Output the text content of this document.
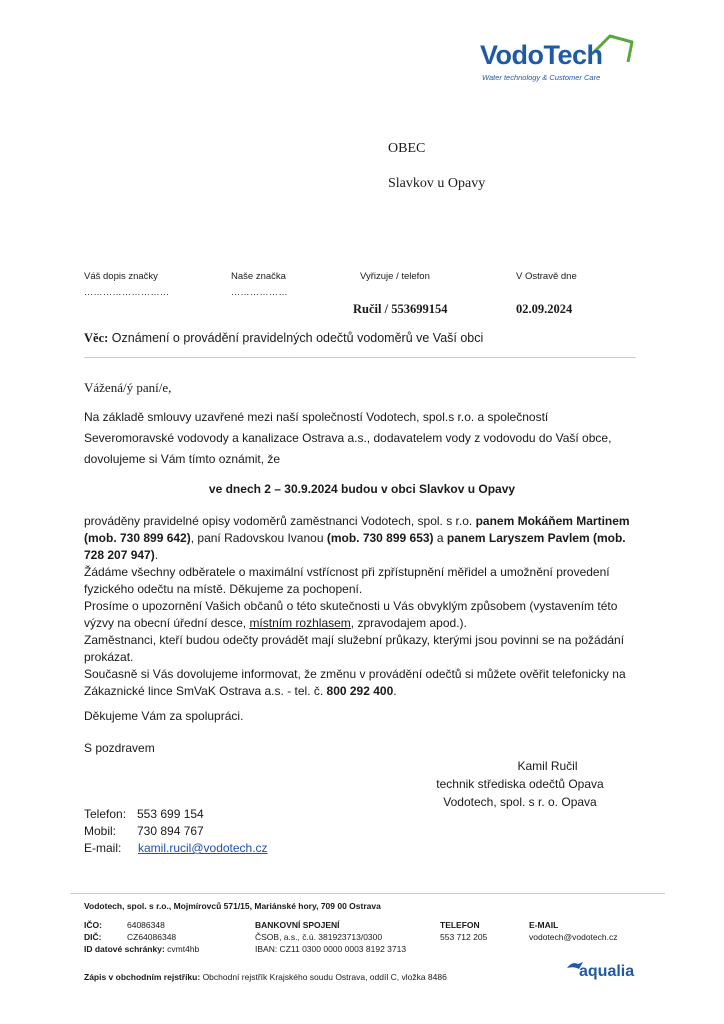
VodoTech
Water technology & Customer Care
OBEC
Slavkov u Opavy
Váš dopis značky
………………………
Naše značka
………………
Vyřizuje / telefon
Ručil / 553699154
V Ostravě dne
02.09.2024
Věc: Oznámení o provádění pravidelných odečtů vodoměrů ve Vaší obci
Vážená/ý paní/e,
Na základě smlouvy uzavřené mezi naší společností Vodotech, spol.s r.o. a společností
Severomoravské vodovody a kanalizace Ostrava a.s., dodavatelem vody z vodovodu do Vaší obce,
dovolujeme si Vám tímto oznámit, že
ve dnech 2 – 30.9.2024 budou v obci Slavkov u Opavy
prováděny pravidelné opisy vodoměrů zaměstnanci Vodotech, spol. s r.o. panem Mokáňem Martinem
(mob. 730 899 642), paní Radovskou Ivanou (mob. 730 899 653) a panem Laryszem Pavlem (mob.
728 207 947).
Žádáme všechny odběratele o maximální vstřícnost při zpřístupnění měřidel a umožnění provedení
fyzického odečtu na místě. Děkujeme za pochopení.
Prosíme o upozornění Vašich občanů o této skutečnosti u Vás obvyklým způsobem (vystavením této
výzvy na obecní úřední desce, místním rozhlasem, zpravodajem apod.).
Zaměstnanci, kteří budou odečty provádět mají služební průkazy, kterými jsou povinni se na požádání
prokázat.
Současně si Vás dovolujeme informovat, že změnu v provádění odečtů si můžete ověřit telefonicky na
Zákaznické lince SmVaK Ostrava a.s. - tel. č. 800 292 400.
Děkujeme Vám za spolupráci.
S pozdravem
Kamil Ručil
technik střediska odečtů Opava
Vodotech, spol. s r. o. Opava
Telefon: 553 699 154
Mobil: 730 894 767
E-mail: kamil.rucil@vodotech.cz
Vodotech, spol. s r.o., Mojmírovců 571/15, Mariánské hory, 709 00 Ostrava
IČO:	64086348
DIČ:	CZ64086348
ID datové schránky: cvmt4hb
BANKOVNÍ SPOJENÍ
ČSOB, a.s., č.ú. 381923713/0300
IBAN: CZ11 0300 0000 0003 8192 3713
TELEFON
553 712 205
E-MAIL
vodotech@vodotech.cz
Zápis v obchodním rejstříku: Obchodní rejstřík Krajského soudu Ostrava, oddíl C, vložka 8486	aqualia
